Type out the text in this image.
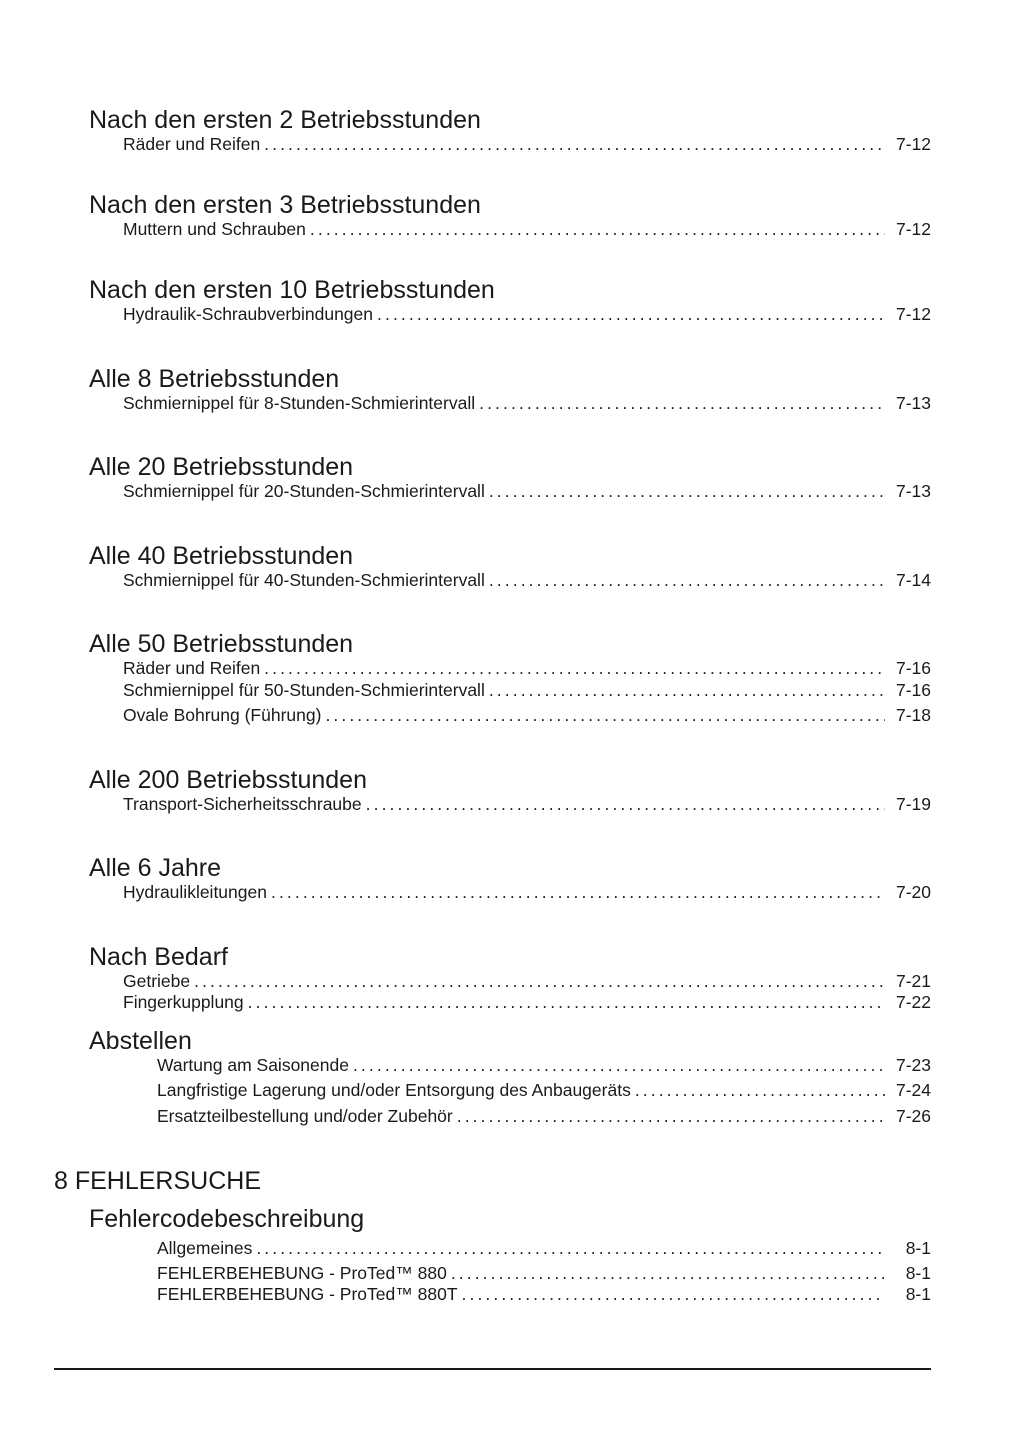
Nach den ersten 2 Betriebsstunden
Räder und Reifen .....	7-12
Nach den ersten 3 Betriebsstunden
Muttern und Schrauben .....	7-12
Nach den ersten 10 Betriebsstunden
Hydraulik-Schraubverbindungen .....	7-12
Alle 8 Betriebsstunden
Schmiernippel für 8-Stunden-Schmierintervall .....	7-13
Alle 20 Betriebsstunden
Schmiernippel für 20-Stunden-Schmierintervall .....	7-13
Alle 40 Betriebsstunden
Schmiernippel für 40-Stunden-Schmierintervall .....	7-14
Alle 50 Betriebsstunden
Räder und Reifen .....	7-16
Schmiernippel für 50-Stunden-Schmierintervall .....	7-16
Ovale Bohrung (Führung) .....	7-18
Alle 200 Betriebsstunden
Transport-Sicherheitsschraube .....	7-19
Alle 6 Jahre
Hydraulikleitungen .....	7-20
Nach Bedarf
Getriebe .....	7-21
Fingerkupplung .....	7-22
Abstellen
Wartung am Saisonende .....	7-23
Langfristige Lagerung und/oder Entsorgung des Anbaugeräts .....	7-24
Ersatzteilbestellung und/oder Zubehör .....	7-26
8 FEHLERSUCHE
Fehlercodebeschreibung
Allgemeines .....	8-1
FEHLERBEHEBUNG - ProTed™ 880 .....	8-1
FEHLERBEHEBUNG - ProTed™ 880T .....	8-1
